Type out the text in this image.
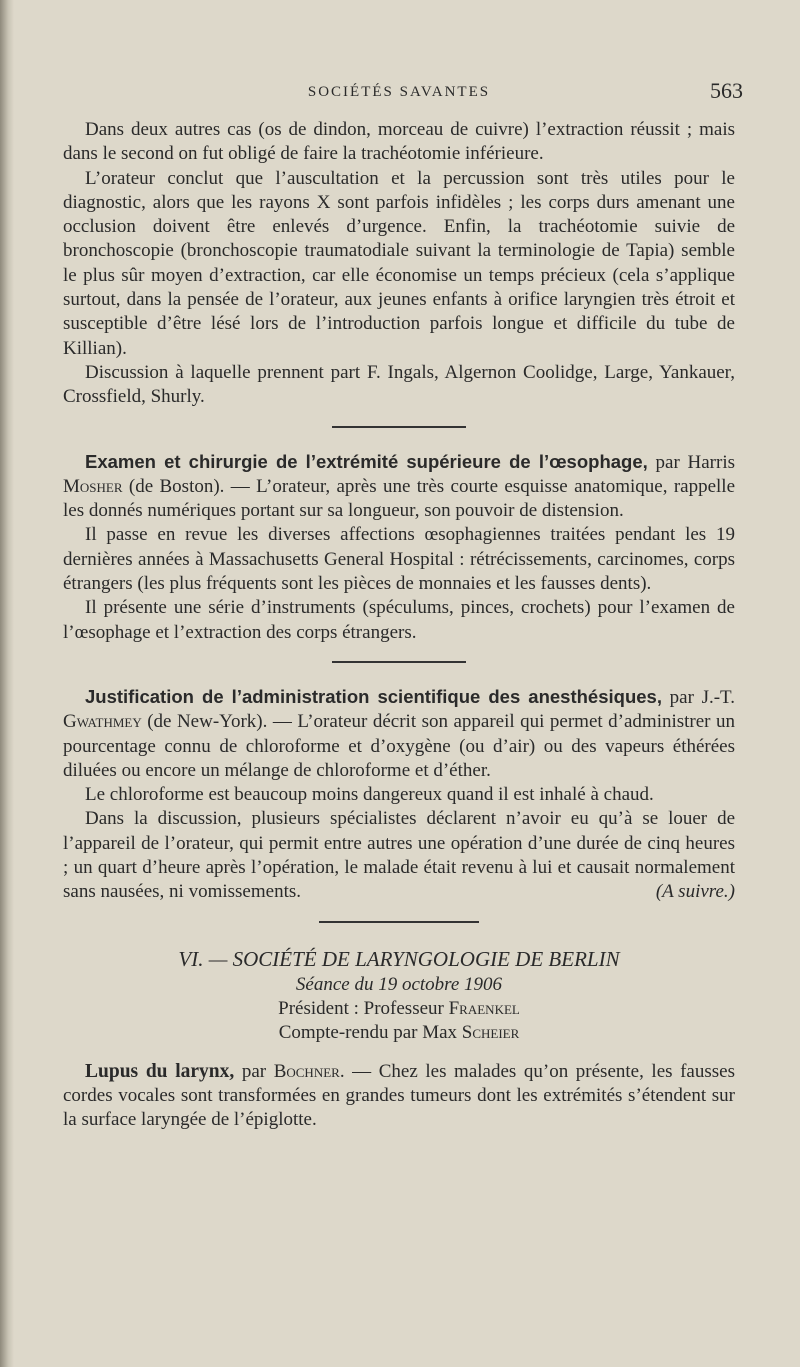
SOCIÉTÉS SAVANTES	563

Dans deux autres cas (os de dindon, morceau de cuivre) l’extraction réussit ; mais dans le second on fut obligé de faire la trachéotomie inférieure.

L’orateur conclut que l’auscultation et la percussion sont très utiles pour le diagnostic, alors que les rayons X sont parfois infidèles ; les corps durs amenant une occlusion doivent être enlevés d’urgence. Enfin, la trachéotomie suivie de bronchoscopie (bronchoscopie traumatodiale suivant la terminologie de Tapia) semble le plus sûr moyen d’extraction, car elle économise un temps précieux (cela s’applique surtout, dans la pensée de l’orateur, aux jeunes enfants à orifice laryngien très étroit et susceptible d’être lésé lors de l’introduction parfois longue et difficile du tube de Killian).

Discussion à laquelle prennent part F. Ingals, Algernon Coolidge, Large, Yankauer, Crossfield, Shurly.

Examen et chirurgie de l’extrémité supérieure de l’œsophage, par Harris Mosher (de Boston). — L’orateur, après une très courte esquisse anatomique, rappelle les donnés numériques portant sur sa longueur, son pouvoir de distension.

Il passe en revue les diverses affections œsophagiennes traitées pendant les 19 dernières années à Massachusetts General Hospital : rétrécissements, carcinomes, corps étrangers (les plus fréquents sont les pièces de monnaies et les fausses dents).

Il présente une série d’instruments (spéculums, pinces, crochets) pour l’examen de l’œsophage et l’extraction des corps étrangers.

Justification de l’administration scientifique des anesthésiques, par J.-T. Gwathmey (de New-York). — L’orateur décrit son appareil qui permet d’administrer un pourcentage connu de chloroforme et d’oxygène (ou d’air) ou des vapeurs éthérées diluées ou encore un mélange de chloroforme et d’éther.

Le chloroforme est beaucoup moins dangereux quand il est inhalé à chaud.

Dans la discussion, plusieurs spécialistes déclarent n’avoir eu qu’à se louer de l’appareil de l’orateur, qui permit entre autres une opération d’une durée de cinq heures ; un quart d’heure après l’opération, le malade était revenu à lui et causait normalement sans nausées, ni vomissements.	(A suivre.)

VI. — SOCIÉTÉ DE LARYNGOLOGIE DE BERLIN
Séance du 19 octobre 1906
Président : Professeur Fraenkel
Compte-rendu par Max Scheier

Lupus du larynx, par Bochner. — Chez les malades qu’on présente, les fausses cordes vocales sont transformées en grandes tumeurs dont les extrémités s’étendent sur la surface laryngée de l’épiglotte.
